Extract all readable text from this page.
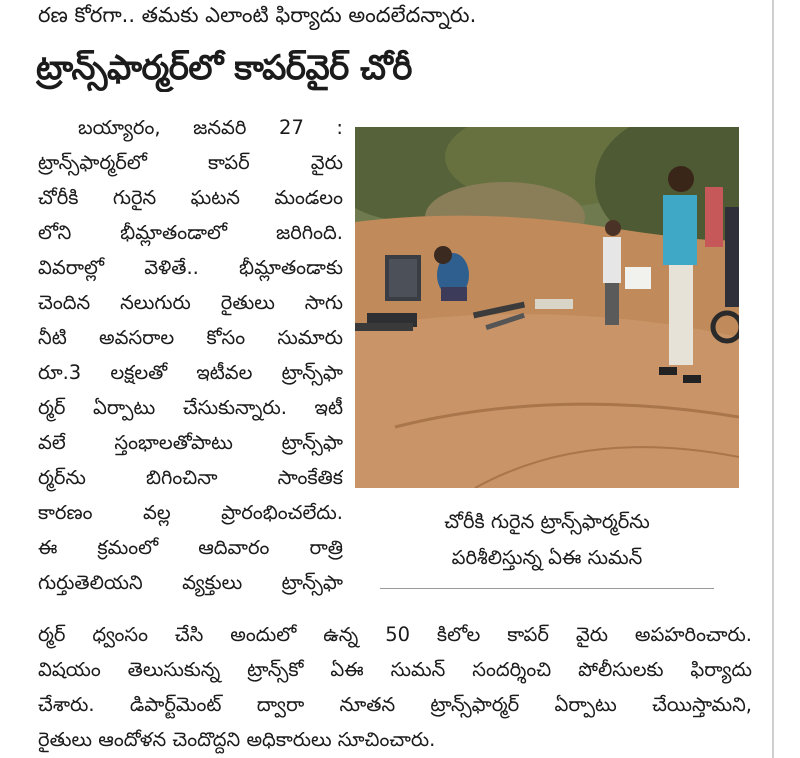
రణ కోరగా.. తమకు ఎలాంటి ఫిర్యాదు అందలేదన్నారు.
ట్రాన్స్‌ఫార్మర్‌లో కాపర్‌వైర్‌ చోరీ
బయ్యారం, జనవరి 27 :
ట్రాన్స్‌ఫార్మర్‌లో కాపర్ వైరు
చోరీకి గురైన ఘటన మండలం
లోని భీమ్లాతండాలో జరిగింది.
వివరాల్లో వెళితే.. భీమ్లాతండాకు
చెందిన నలుగురు రైతులు సాగు
నీటి అవసరాల కోసం సుమారు
రూ.3 లక్షలతో ఇటీవల ట్రాన్స్‌ఫా
ర్మర్ ఏర్పాటు చేసుకున్నారు. ఇటీ
వలే స్తంభాలతోపాటు ట్రాన్స్‌ఫా
ర్మర్‌ను బిగించినా సాంకేతిక
కారణం వల్ల ప్రారంభించలేదు.
ఈ క్రమంలో ఆదివారం రాత్రి
గుర్తుతెలియని వ్యక్తులు ట్రాన్స్‌ఫా
ర్మర్ ధ్వంసం చేసి అందులో ఉన్న 50 కిలోల కాపర్ వైరు అపహరించారు.
విషయం తెలుసుకున్న ట్రాన్స్‌కో ఏఈ సుమన్ సందర్శించి పోలీసులకు ఫిర్యాదు
చేశారు. డిపార్ట్‌మెంట్ ద్వారా నూతన ట్రాన్స్‌ఫార్మర్ ఏర్పాటు చేయిస్తామని,
రైతులు ఆందోళన చెందొద్దని అధికారులు సూచించారు.
చోరీకి గురైన ట్రాన్స్‌ఫార్మర్‌ను
పరిశీలిస్తున్న ఏఈ సుమన్
